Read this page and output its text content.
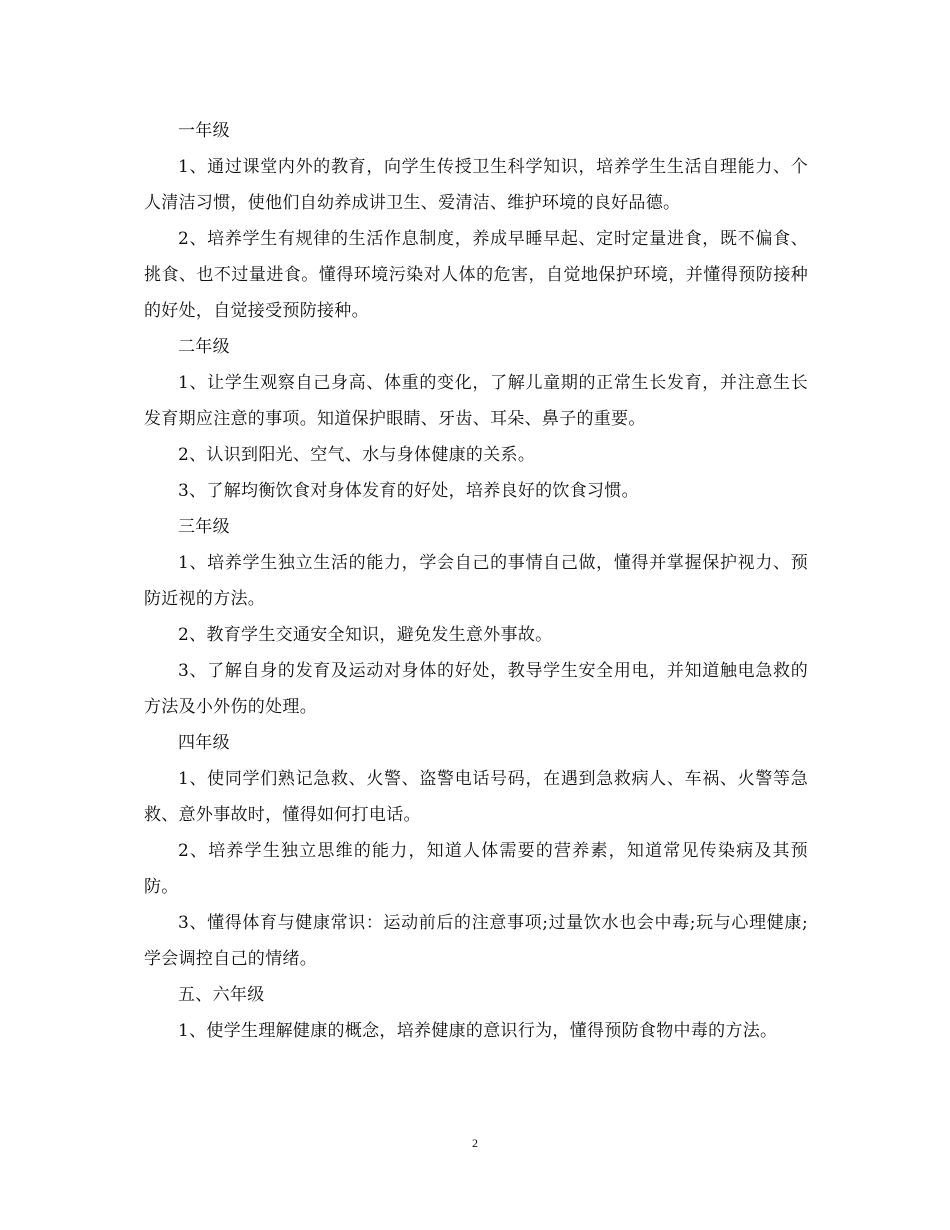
一年级

1、通过课堂内外的教育，向学生传授卫生科学知识，培养学生生活自理能力、个人清洁习惯，使他们自幼养成讲卫生、爱清洁、维护环境的良好品德。

2、培养学生有规律的生活作息制度，养成早睡早起、定时定量进食，既不偏食、挑食、也不过量进食。懂得环境污染对人体的危害，自觉地保护环境，并懂得预防接种的好处，自觉接受预防接种。

二年级

1、让学生观察自己身高、体重的变化，了解儿童期的正常生长发育，并注意生长发育期应注意的事项。知道保护眼睛、牙齿、耳朵、鼻子的重要。

2、认识到阳光、空气、水与身体健康的关系。

3、了解均衡饮食对身体发育的好处，培养良好的饮食习惯。

三年级

1、培养学生独立生活的能力，学会自己的事情自己做，懂得并掌握保护视力、预防近视的方法。

2、教育学生交通安全知识，避免发生意外事故。

3、了解自身的发育及运动对身体的好处，教导学生安全用电，并知道触电急救的方法及小外伤的处理。

四年级

1、使同学们熟记急救、火警、盗警电话号码，在遇到急救病人、车祸、火警等急救、意外事故时，懂得如何打电话。

2、培养学生独立思维的能力，知道人体需要的营养素，知道常见传染病及其预防。

3、懂得体育与健康常识：运动前后的注意事项;过量饮水也会中毒;玩与心理健康;学会调控自己的情绪。

五、六年级

1、使学生理解健康的概念，培养健康的意识行为，懂得预防食物中毒的方法。

2
